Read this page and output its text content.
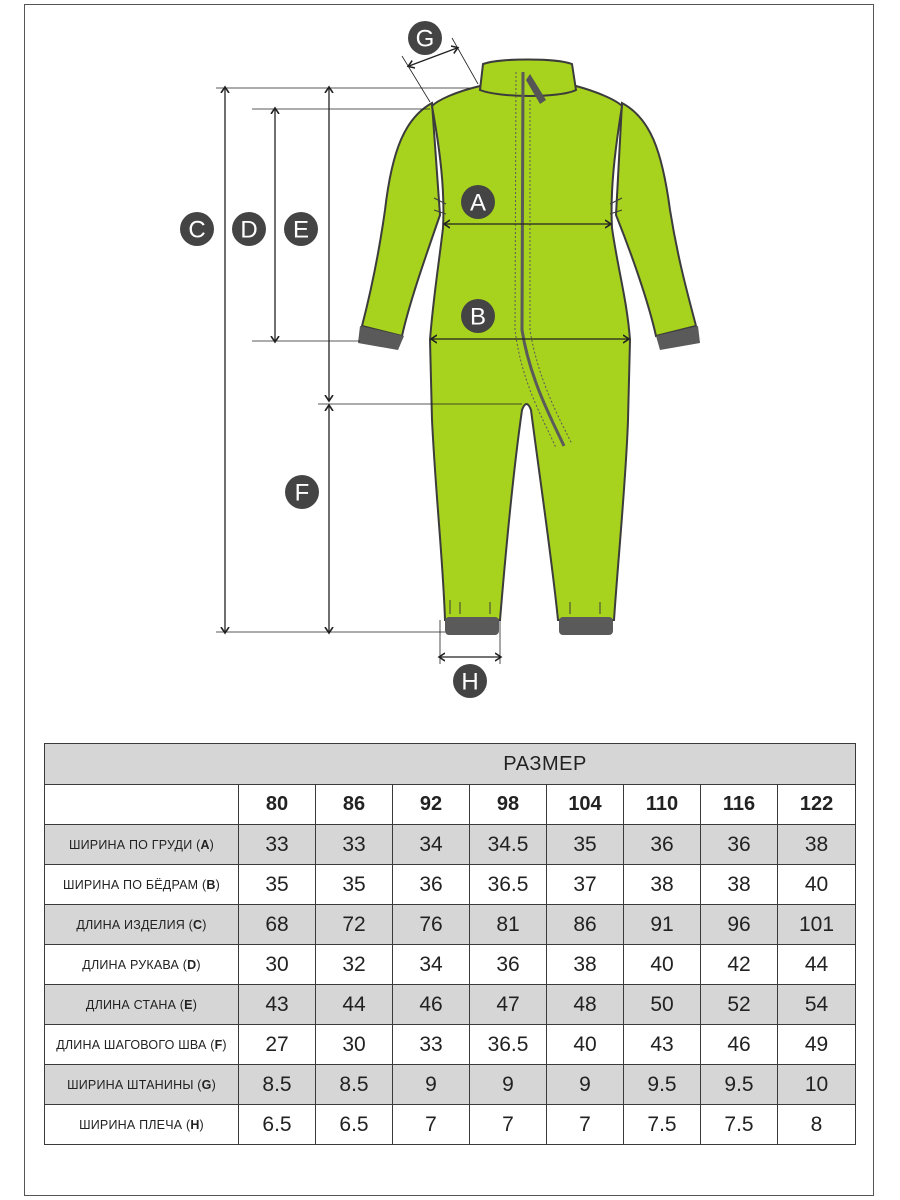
A
B
C D E
F
G
H
РАЗМЕР								
	80	86	92	98	104	110	116	122
ШИРИНА ПО ГРУДИ (A)	33	33	34	34.5	35	36	36	38
ШИРИНА ПО БЁДРАМ (B)	35	35	36	36.5	37	38	38	40
ДЛИНА ИЗДЕЛИЯ (C)	68	72	76	81	86	91	96	101
ДЛИНА РУКАВА (D)	30	32	34	36	38	40	42	44
ДЛИНА СТАНА (E)	43	44	46	47	48	50	52	54
ДЛИНА ШАГОВОГО ШВА (F)	27	30	33	36.5	40	43	46	49
ШИРИНА ШТАНИНЫ (G)	8.5	8.5	9	9	9	9.5	9.5	10
ШИРИНА ПЛЕЧА (H)	6.5	6.5	7	7	7	7.5	7.5	8
